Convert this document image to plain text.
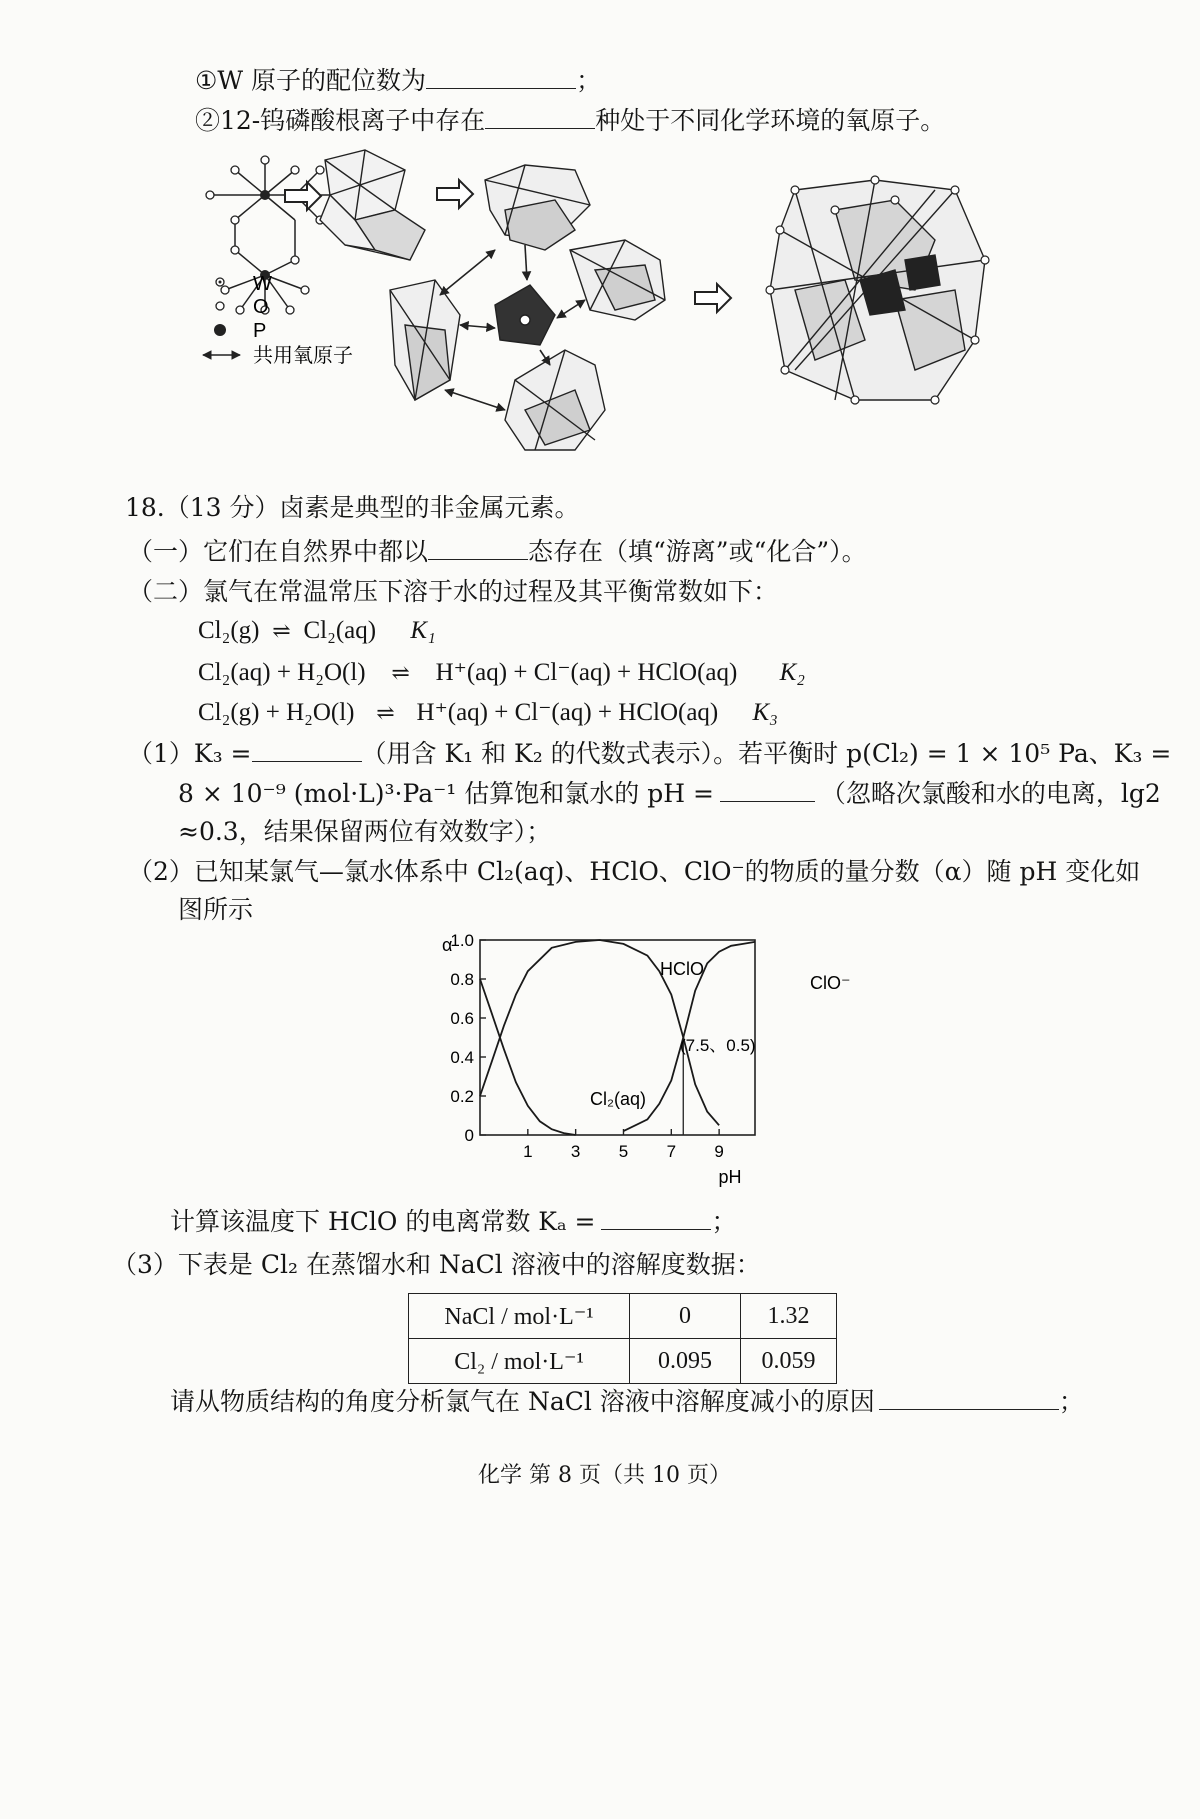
①W 原子的配位数为	；
②12-钨磷酸根离子中存在	种处于不同化学环境的氧原子。
W
O
P
共用氧原子
18.（13 分）卤素是典型的非金属元素。
（一）它们在自然界中都以	态存在（填“游离”或“化合”）。
（二）氯气在常温常压下溶于水的过程及其平衡常数如下：
Cl₂(g) ⇌ Cl₂(aq) K₁
Cl₂(aq) + H₂O(l) ⇌ H⁺(aq) + Cl⁻(aq) + HClO(aq) K₂
Cl₂(g) + H₂O(l) ⇌ H⁺(aq) + Cl⁻(aq) + HClO(aq) K₃
（1）K₃ =	（用含 K₁ 和 K₂ 的代数式表示）。若平衡时 p(Cl₂) = 1 × 10⁵ Pa、K₃ =
8 × 10⁻⁹ (mol·L)³·Pa⁻¹ 估算饱和氯水的 pH =	（忽略次氯酸和水的电离，lg2
≈0.3，结果保留两位有效数字）；
（2）已知某氯气—氯水体系中 Cl₂(aq)、HClO、ClO⁻的物质的量分数（α）随 pH 变化如
图所示
α
pH
HClO
ClO⁻
Cl₂(aq)
(7.5、0.5)
0
0.2
0.4
0.6
0.8
1.0
1 3 5 7 9
计算该温度下 HClO 的电离常数 Kₐ =	；
（3）下表是 Cl₂ 在蒸馏水和 NaCl 溶液中的溶解度数据：
NaCl / mol·L⁻¹	0	1.32
Cl₂ / mol·L⁻¹	0.095	0.059
请从物质结构的角度分析氯气在 NaCl 溶液中溶解度减小的原因	；
化学 第 8 页（共 10 页）
